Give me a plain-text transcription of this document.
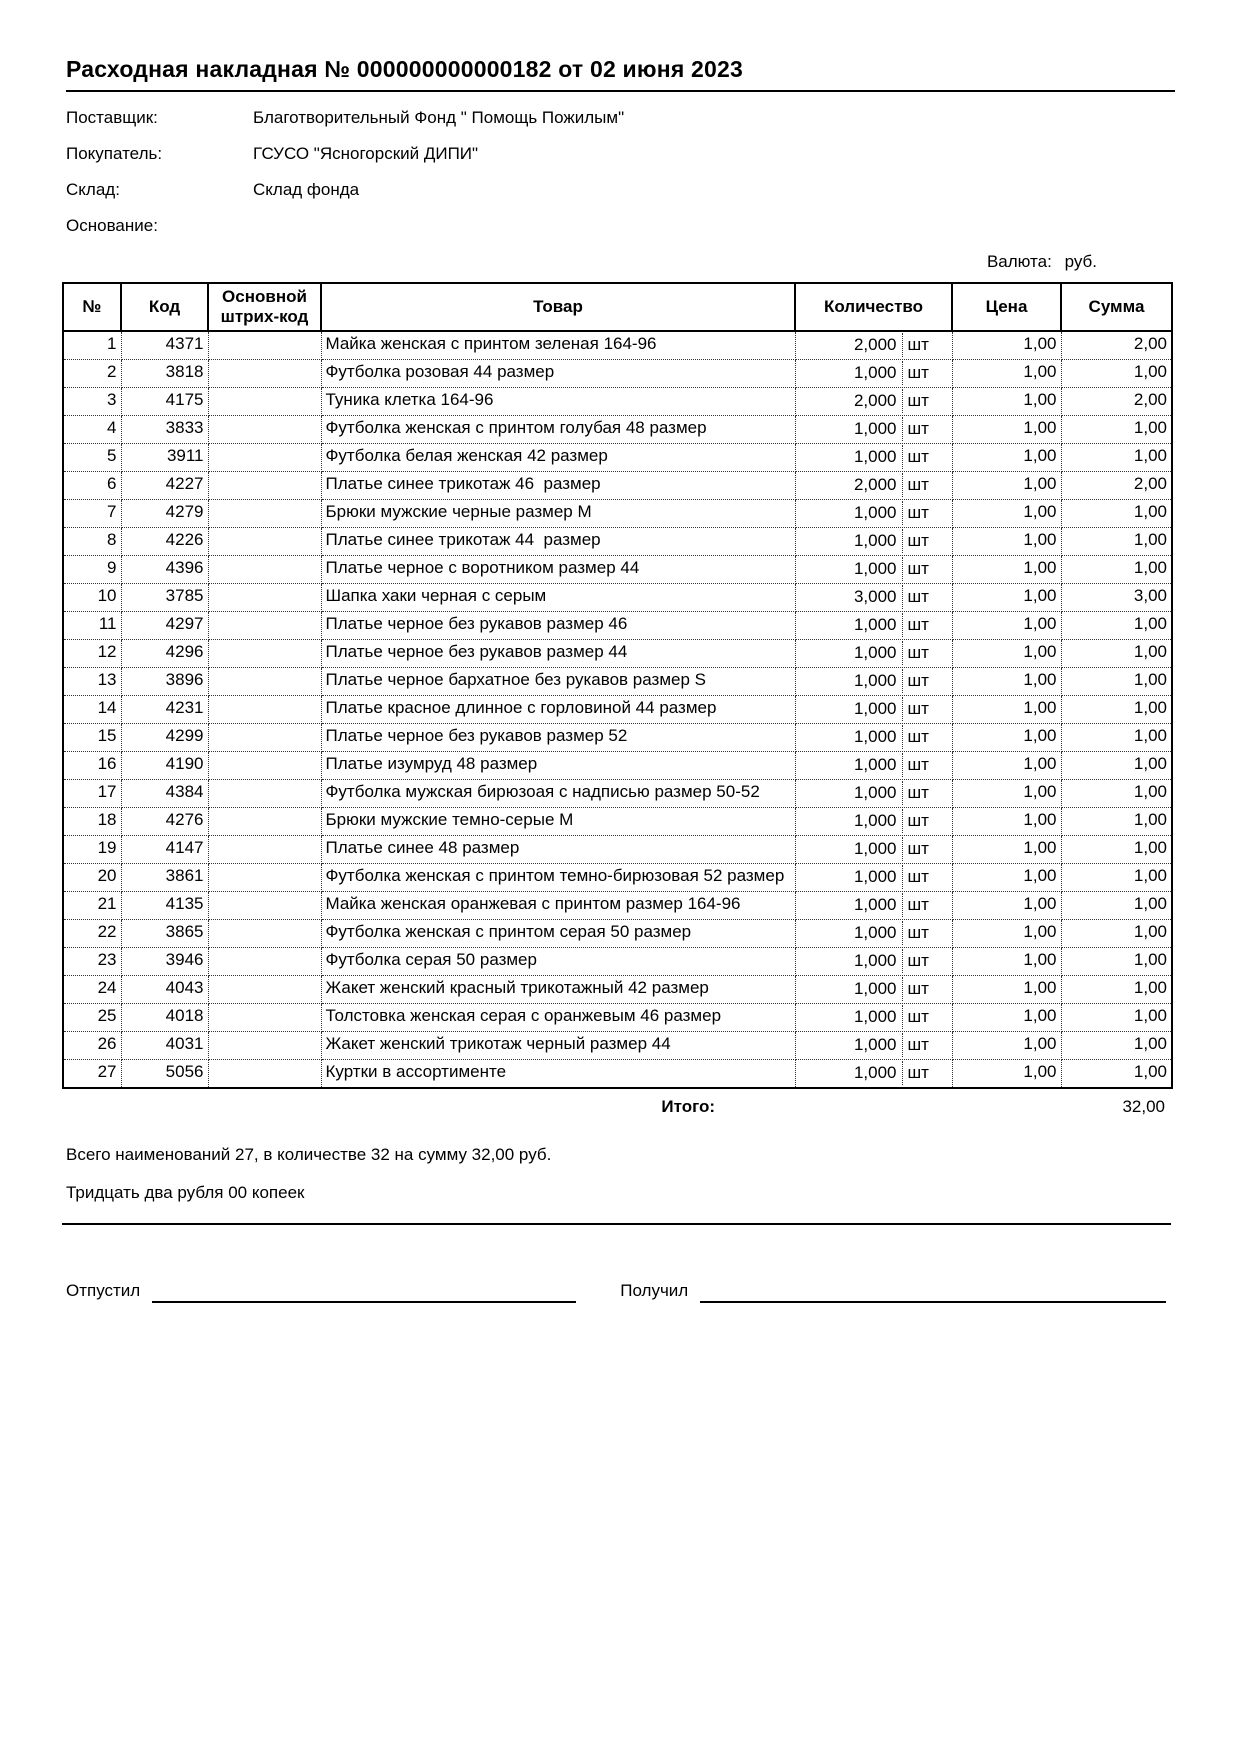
Расходная накладная № 000000000000182 от 02 июня 2023
Поставщик:	Благотворительный Фонд " Помощь Пожилым"
Покупатель:	ГСУСО "Ясногорский ДИПИ"
Склад:	Склад фонда
Основание:
Валюта: руб.
№	Код	Основной штрих-код	Товар	Количество	Цена	Сумма
1	4371		Майка женская с принтом зеленая 164-96	2,000 шт	1,00	2,00
2	3818		Футболка розовая 44 размер	1,000 шт	1,00	1,00
3	4175		Туника клетка 164-96	2,000 шт	1,00	2,00
4	3833		Футболка женская с принтом голубая 48 размер	1,000 шт	1,00	1,00
5	3911		Футболка белая женская 42 размер	1,000 шт	1,00	1,00
6	4227		Платье синее трикотаж 46  размер	2,000 шт	1,00	2,00
7	4279		Брюки мужские черные размер М	1,000 шт	1,00	1,00
8	4226		Платье синее трикотаж 44  размер	1,000 шт	1,00	1,00
9	4396		Платье черное с воротником размер 44	1,000 шт	1,00	1,00
10	3785		Шапка хаки черная с серым	3,000 шт	1,00	3,00
11	4297		Платье черное без рукавов размер 46	1,000 шт	1,00	1,00
12	4296		Платье черное без рукавов размер 44	1,000 шт	1,00	1,00
13	3896		Платье черное бархатное без рукавов размер S	1,000 шт	1,00	1,00
14	4231		Платье красное длинное с горловиной 44 размер	1,000 шт	1,00	1,00
15	4299		Платье черное без рукавов размер 52	1,000 шт	1,00	1,00
16	4190		Платье изумруд 48 размер	1,000 шт	1,00	1,00
17	4384		Футболка мужская бирюзоая с надписью размер 50-52	1,000 шт	1,00	1,00
18	4276		Брюки мужские темно-серые М	1,000 шт	1,00	1,00
19	4147		Платье синее 48 размер	1,000 шт	1,00	1,00
20	3861		Футболка женская с принтом темно-бирюзовая 52 размер	1,000 шт	1,00	1,00
21	4135		Майка женская оранжевая с принтом размер 164-96	1,000 шт	1,00	1,00
22	3865		Футболка женская с принтом серая 50 размер	1,000 шт	1,00	1,00
23	3946		Футболка серая 50 размер	1,000 шт	1,00	1,00
24	4043		Жакет женский красный трикотажный 42 размер	1,000 шт	1,00	1,00
25	4018		Толстовка женская серая с оранжевым 46 размер	1,000 шт	1,00	1,00
26	4031		Жакет женский трикотаж черный размер 44	1,000 шт	1,00	1,00
27	5056		Куртки в ассортименте	1,000 шт	1,00	1,00
Итого:	32,00
Всего наименований 27, в количестве 32 на сумму 32,00 руб.
Тридцать два рубля 00 копеек
Отпустил	Получил
